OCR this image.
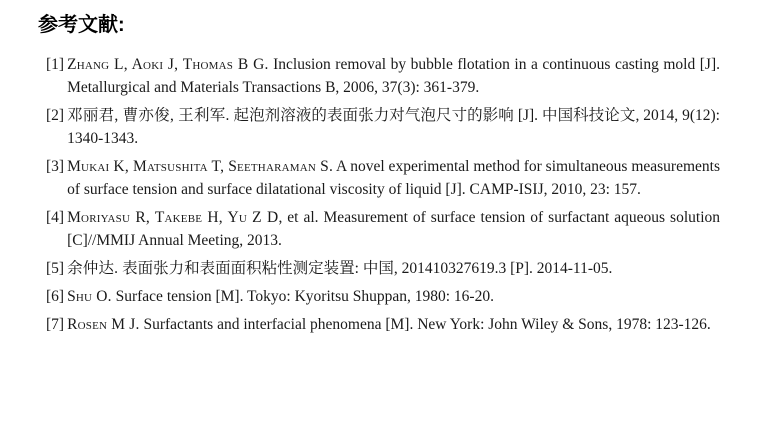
参考文献:
[1] Zhang L, Aoki J, Thomas B G. Inclusion removal by bubble flotation in a continuous casting mold [J]. Metallurgical and Materials Transactions B, 2006, 37(3): 361-379.

[2] 邓丽君, 曹亦俊, 王利军. 起泡剂溶液的表面张力对气泡尺寸的影响 [J]. 中国科技论文, 2014, 9(12): 1340-1343.

[3] Mukai K, Matsushita T, Seetharaman S. A novel experimental method for simultaneous measurements of surface tension and surface dilatational viscosity of liquid [J]. CAMP-ISIJ, 2010, 23: 157.

[4] Moriyasu R, Takebe H, Yu Z D, et al. Measurement of surface tension of surfactant aqueous solution [C]//MMIJ Annual Meeting, 2013.

[5] 余仲达. 表面张力和表面面积粘性测定装置: 中国, 201410327619.3 [P]. 2014-11-05.

[6] Shu O. Surface tension [M]. Tokyo: Kyoritsu Shuppan, 1980: 16-20.

[7] Rosen M J. Surfactants and interfacial phenomena [M]. New York: John Wiley & Sons, 1978: 123-126.
